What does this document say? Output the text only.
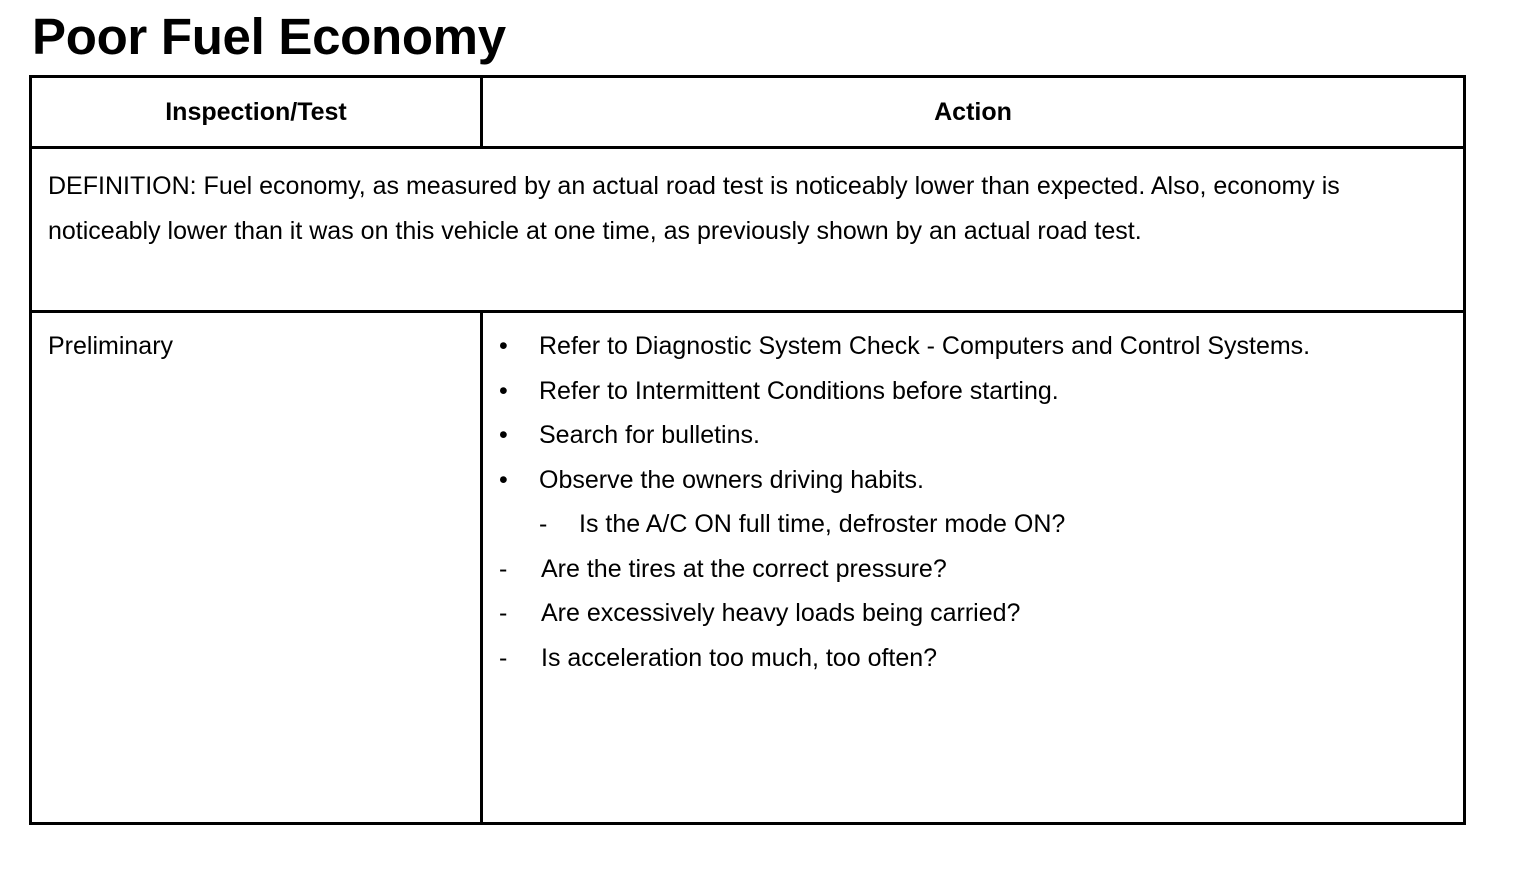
Poor Fuel Economy
Inspection/Test	Action

DEFINITION: Fuel economy, as measured by an actual road test is noticeably lower than expected. Also, economy is noticeably lower than it was on this vehicle at one time, as previously shown by an actual road test.

Preliminary	•	Refer to Diagnostic System Check - Computers and Control Systems.
•	Refer to Intermittent Conditions before starting.
•	Search for bulletins.
•	Observe the owners driving habits.
-	Is the A/C ON full time, defroster mode ON?
-	Are the tires at the correct pressure?
-	Are excessively heavy loads being carried?
-	Is acceleration too much, too often?
